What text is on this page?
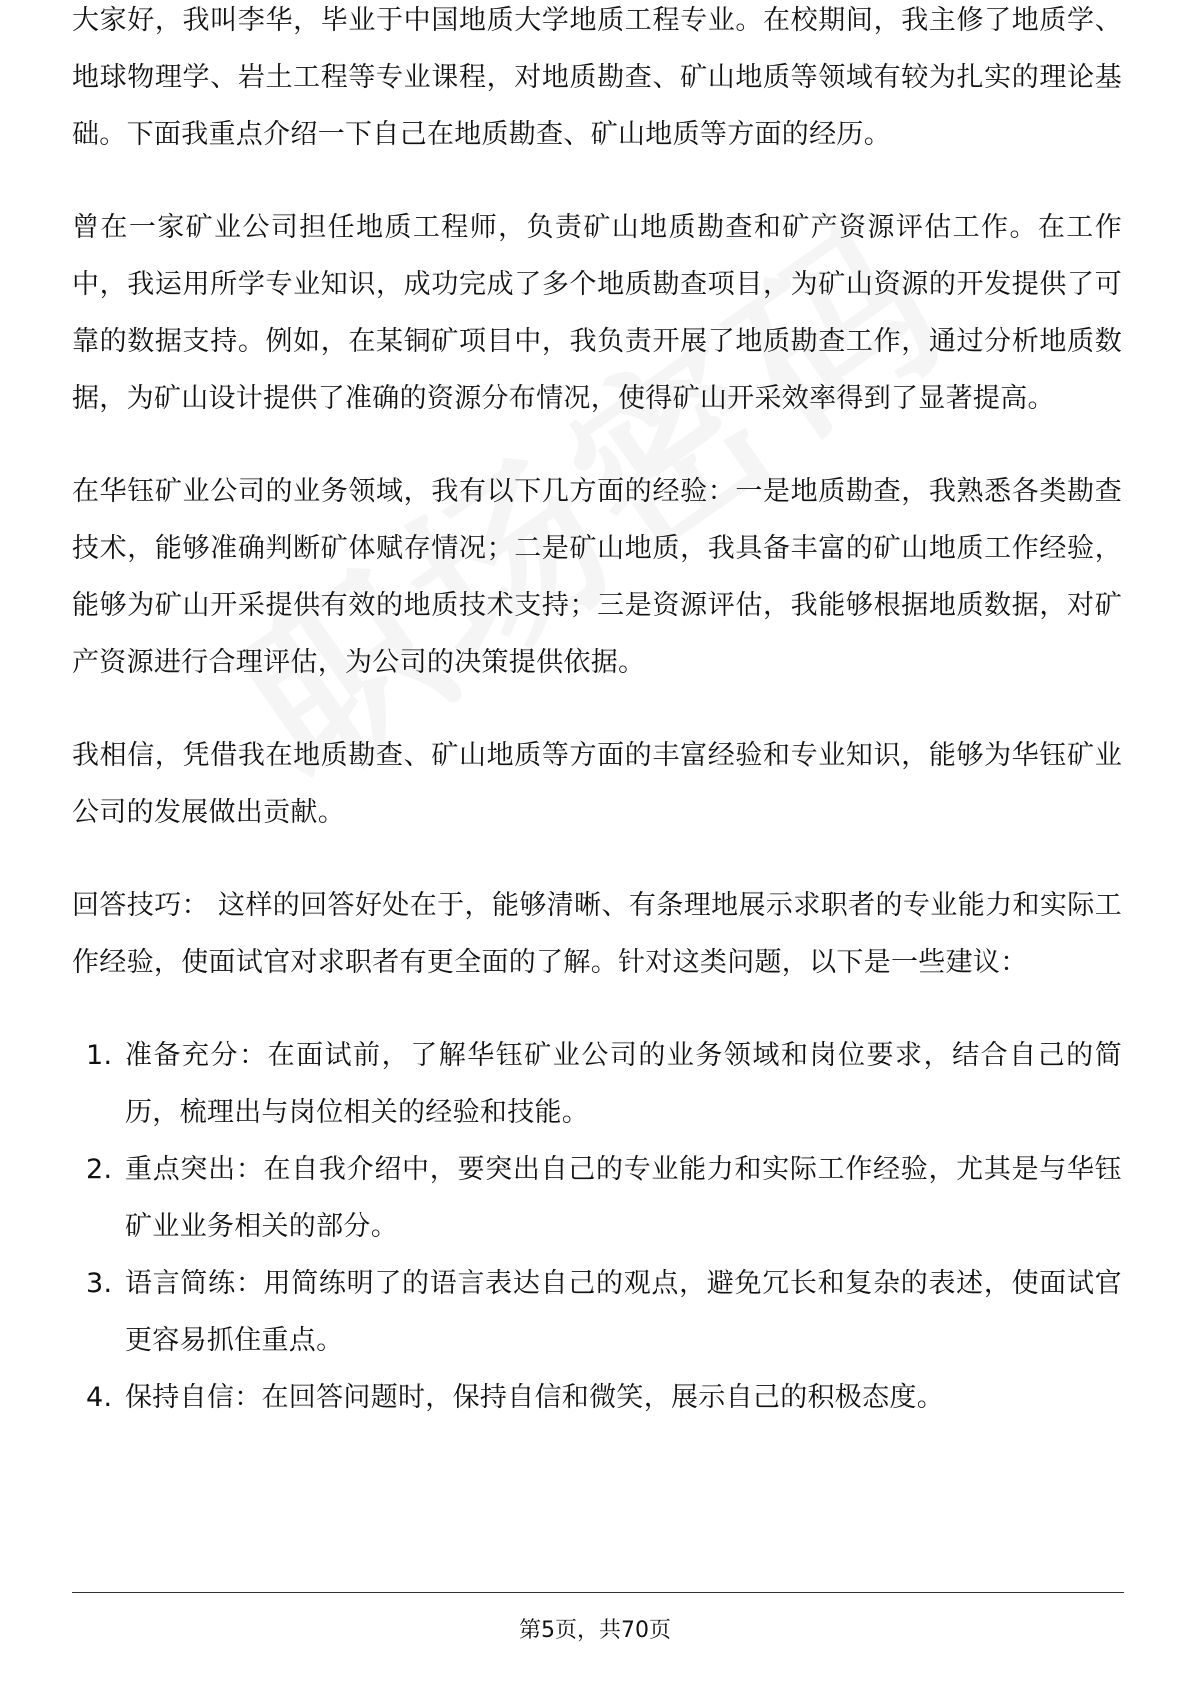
大家好，我叫李华，毕业于中国地质大学地质工程专业。在校期间，我主修了地质学、地球物理学、岩土工程等专业课程，对地质勘查、矿山地质等领域有较为扎实的理论基础。下面我重点介绍一下自己在地质勘查、矿山地质等方面的经历。

曾在一家矿业公司担任地质工程师，负责矿山地质勘查和矿产资源评估工作。在工作中，我运用所学专业知识，成功完成了多个地质勘查项目，为矿山资源的开发提供了可靠的数据支持。例如，在某铜矿项目中，我负责开展了地质勘查工作，通过分析地质数据，为矿山设计提供了准确的资源分布情况，使得矿山开采效率得到了显著提高。

在华钰矿业公司的业务领域，我有以下几方面的经验：一是地质勘查，我熟悉各类勘查技术，能够准确判断矿体赋存情况；二是矿山地质，我具备丰富的矿山地质工作经验，能够为矿山开采提供有效的地质技术支持；三是资源评估，我能够根据地质数据，对矿产资源进行合理评估，为公司的决策提供依据。

我相信，凭借我在地质勘查、矿山地质等方面的丰富经验和专业知识，能够为华钰矿业公司的发展做出贡献。

回答技巧： 这样的回答好处在于，能够清晰、有条理地展示求职者的专业能力和实际工作经验，使面试官对求职者有更全面的了解。针对这类问题，以下是一些建议：

1. 准备充分：在面试前，了解华钰矿业公司的业务领域和岗位要求，结合自己的简历，梳理出与岗位相关的经验和技能。
2. 重点突出：在自我介绍中，要突出自己的专业能力和实际工作经验，尤其是与华钰矿业业务相关的部分。
3. 语言简练：用简练明了的语言表达自己的观点，避免冗长和复杂的表述，使面试官更容易抓住重点。
4. 保持自信：在回答问题时，保持自信和微笑，展示自己的积极态度。
第5页，共70页
